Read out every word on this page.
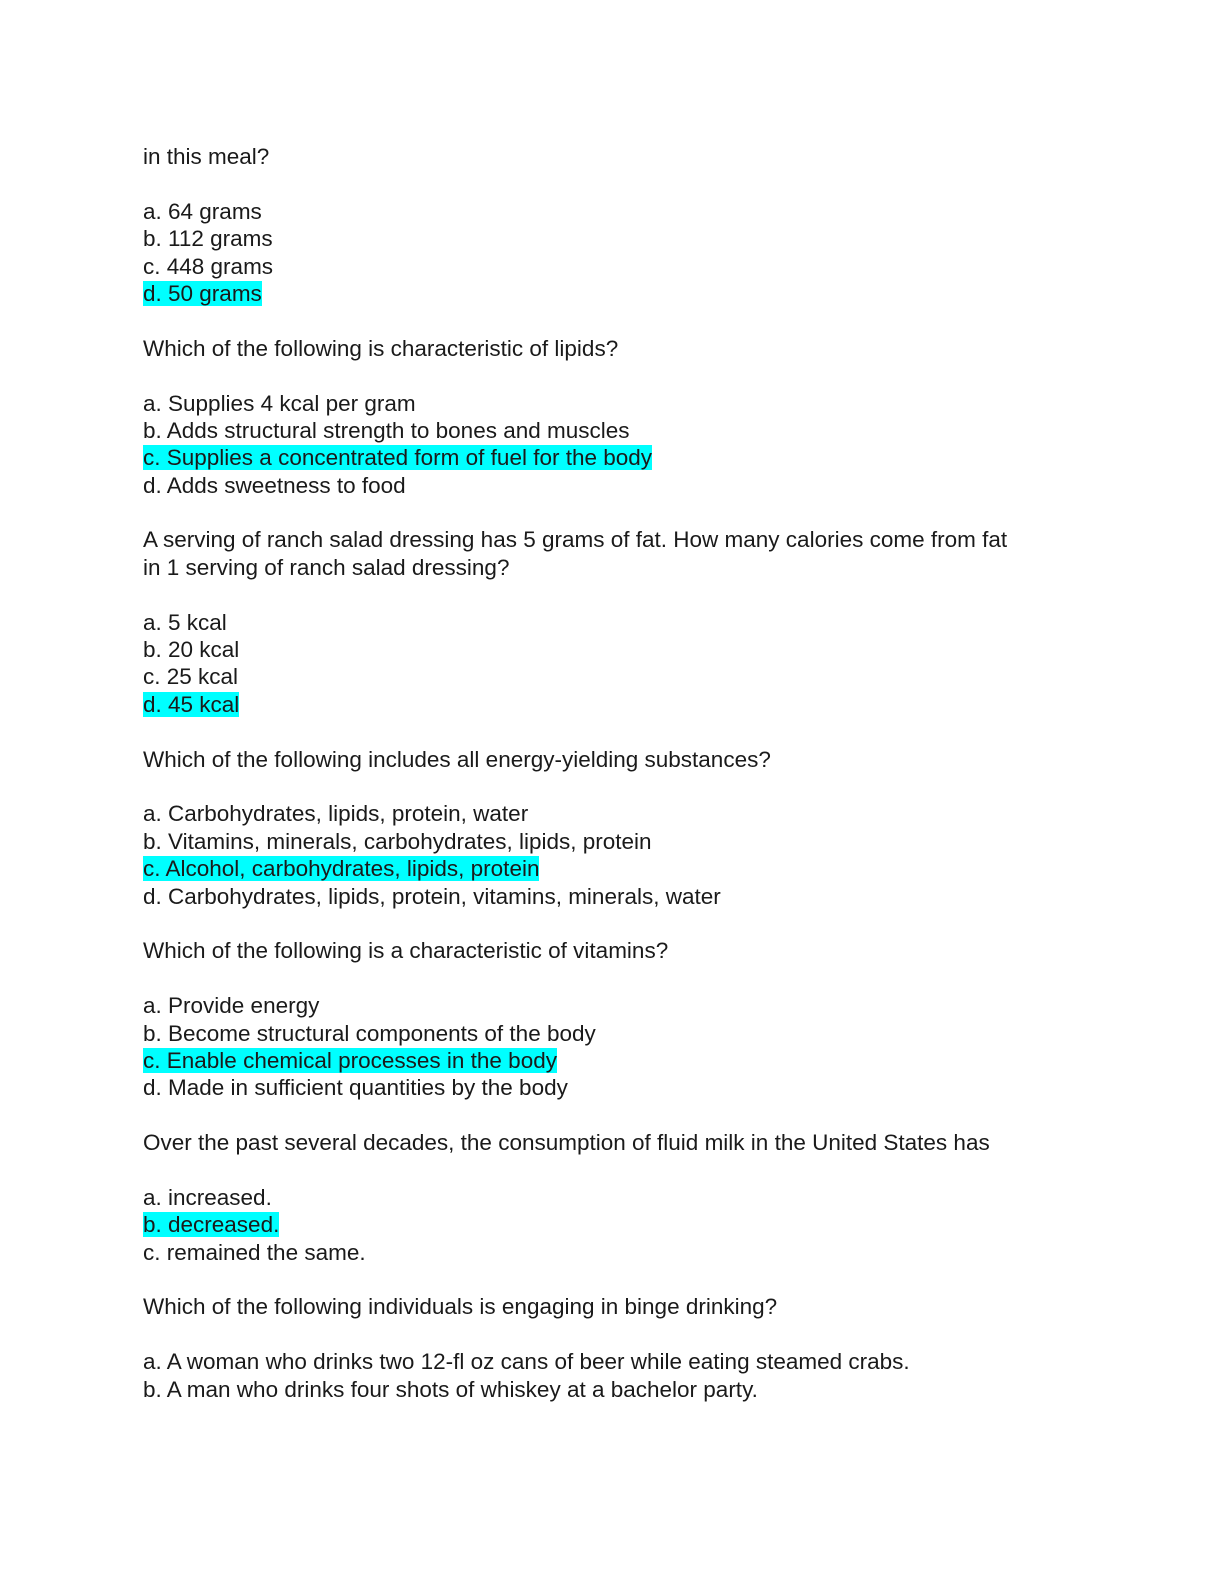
in this meal?
a. 64 grams
b. 112 grams
c. 448 grams
d. 50 grams
Which of the following is characteristic of lipids?
a. Supplies 4 kcal per gram
b. Adds structural strength to bones and muscles
c. Supplies a concentrated form of fuel for the body
d. Adds sweetness to food
A serving of ranch salad dressing has 5 grams of fat. How many calories come from fat
in 1 serving of ranch salad dressing?
a. 5 kcal
b. 20 kcal
c. 25 kcal
d. 45 kcal
Which of the following includes all energy-yielding substances?
a. Carbohydrates, lipids, protein, water
b. Vitamins, minerals, carbohydrates, lipids, protein
c. Alcohol, carbohydrates, lipids, protein
d. Carbohydrates, lipids, protein, vitamins, minerals, water
Which of the following is a characteristic of vitamins?
a. Provide energy
b. Become structural components of the body
c. Enable chemical processes in the body
d. Made in sufficient quantities by the body
Over the past several decades, the consumption of fluid milk in the United States has
a. increased.
b. decreased.
c. remained the same.
Which of the following individuals is engaging in binge drinking?
a. A woman who drinks two 12-fl oz cans of beer while eating steamed crabs.
b. A man who drinks four shots of whiskey at a bachelor party.
